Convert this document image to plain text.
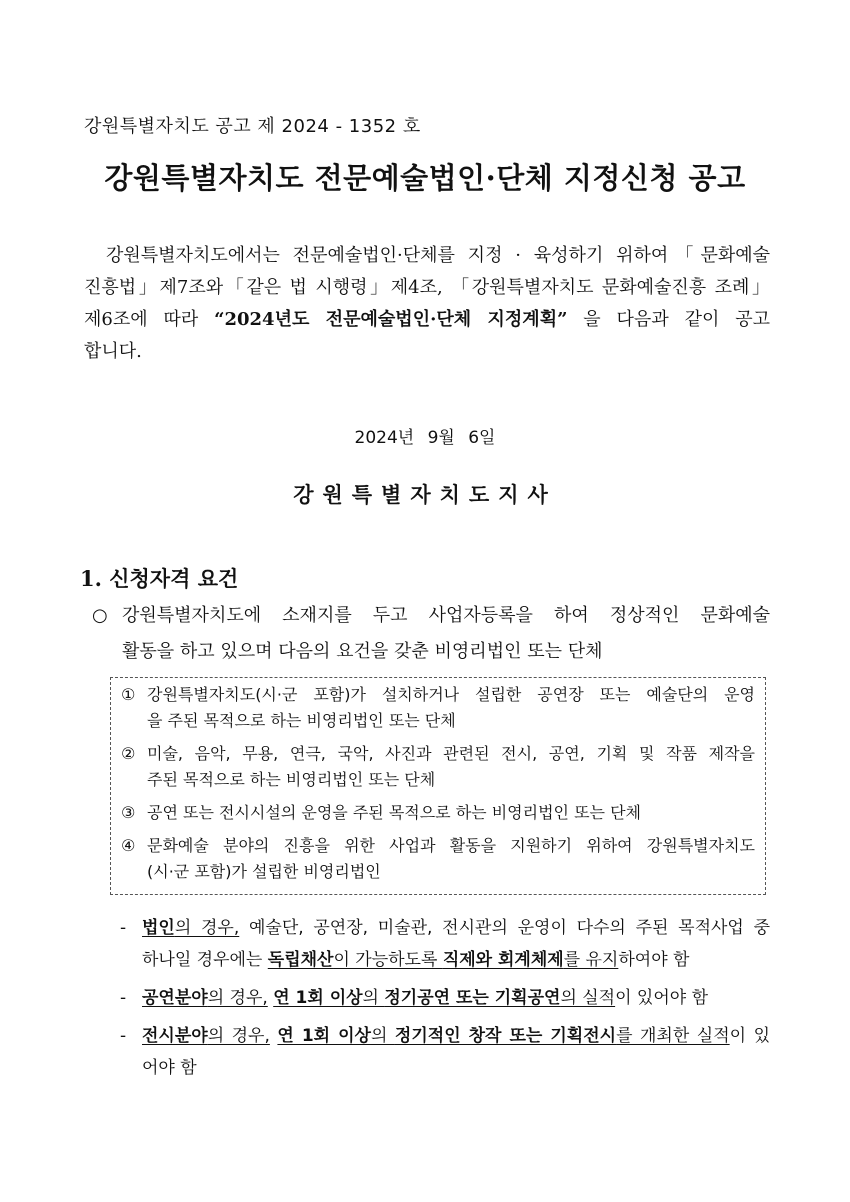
강원특별자치도 공고 제 2024 - 1352 호
강원특별자치도 전문예술법인·단체 지정신청 공고
강원특별자치도에서는 전문예술법인·단체를 지정 · 육성하기 위하여「문화예술
진흥법」제7조와「같은 법 시행령」제4조, 「강원특별자치도 문화예술진흥 조례」
제6조에 따라 “2024년도 전문예술법인·단체 지정계획” 을 다음과 같이 공고
합니다.
2024년 9월 6일
강원특별자치도지사
1. 신청자격 요건
○ 강원특별자치도에 소재지를 두고 사업자등록을 하여 정상적인 문화예술
활동을 하고 있으며 다음의 요건을 갖춘 비영리법인 또는 단체
① 강원특별자치도(시·군 포함)가 설치하거나 설립한 공연장 또는 예술단의 운영
을 주된 목적으로 하는 비영리법인 또는 단체
② 미술, 음악, 무용, 연극, 국악, 사진과 관련된 전시, 공연, 기획 및 작품 제작을
주된 목적으로 하는 비영리법인 또는 단체
③ 공연 또는 전시시설의 운영을 주된 목적으로 하는 비영리법인 또는 단체
④ 문화예술 분야의 진흥을 위한 사업과 활동을 지원하기 위하여 강원특별자치도
(시·군 포함)가 설립한 비영리법인
- 법인의 경우, 예술단, 공연장, 미술관, 전시관의 운영이 다수의 주된 목적사업 중
하나일 경우에는 독립채산이 가능하도록 직제와 회계체제를 유지하여야 함
- 공연분야의 경우, 연 1회 이상의 정기공연 또는 기획공연의 실적이 있어야 함
- 전시분야의 경우, 연 1회 이상의 정기적인 창작 또는 기획전시를 개최한 실적이 있
어야 함
